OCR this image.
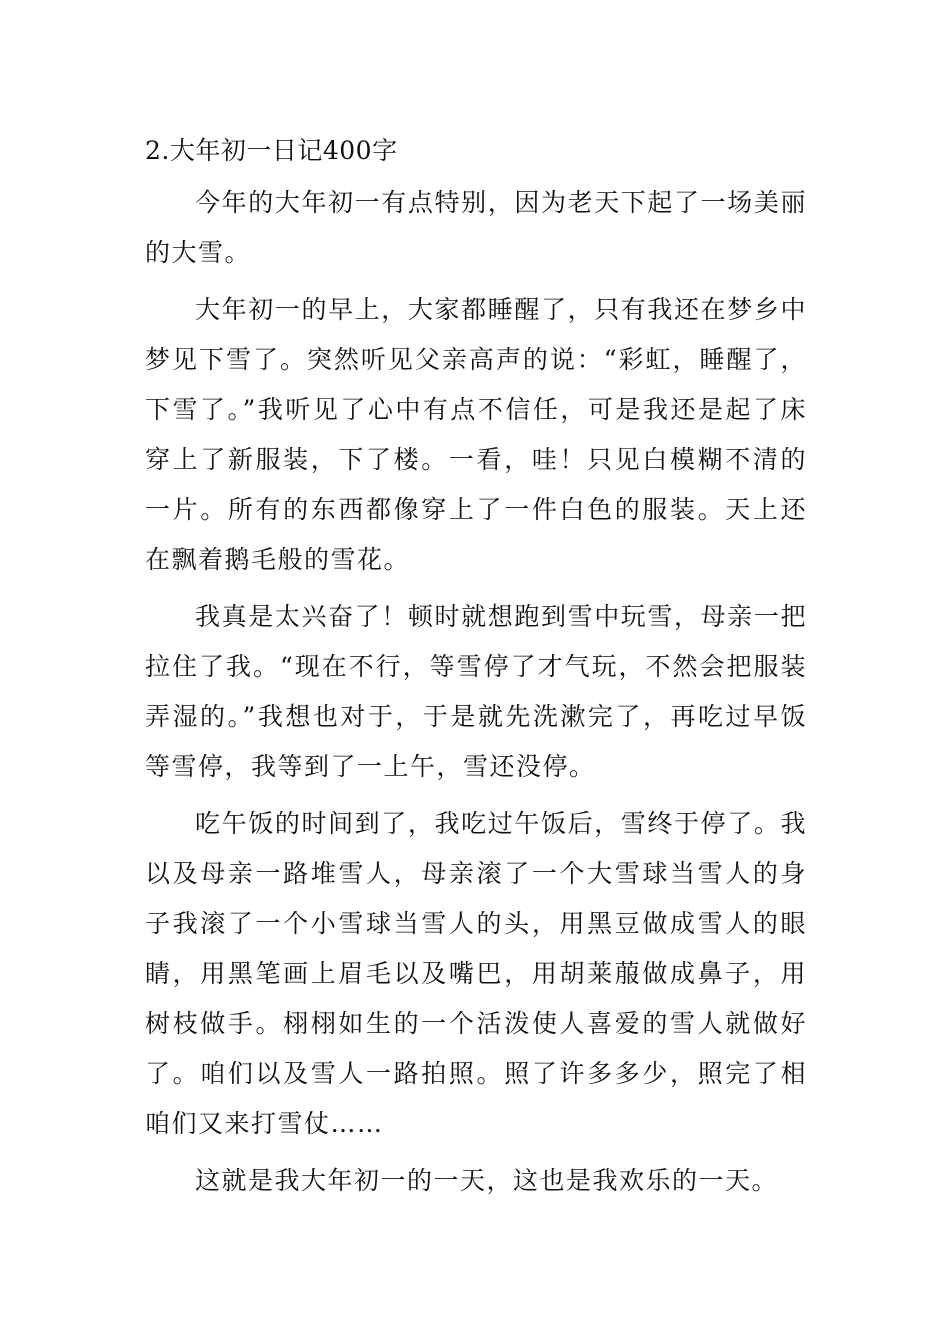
2.大年初一日记400字

今年的大年初一有点特别，因为老天下起了一场美丽的大雪。

大年初一的早上，大家都睡醒了，只有我还在梦乡中梦见下雪了。突然听见父亲高声的说：“彩虹，睡醒了，下雪了。”我听见了心中有点不信任，可是我还是起了床穿上了新服装，下了楼。一看，哇！只见白模糊不清的一片。所有的东西都像穿上了一件白色的服装。天上还在飘着鹅毛般的雪花。

我真是太兴奋了！顿时就想跑到雪中玩雪，母亲一把拉住了我。“现在不行，等雪停了才气玩，不然会把服装弄湿的。”我想也对于，于是就先洗漱完了，再吃过早饭等雪停，我等到了一上午，雪还没停。

吃午饭的时间到了，我吃过午饭后，雪终于停了。我以及母亲一路堆雪人，母亲滚了一个大雪球当雪人的身子我滚了一个小雪球当雪人的头，用黑豆做成雪人的眼睛，用黑笔画上眉毛以及嘴巴，用胡莱菔做成鼻子，用树枝做手。栩栩如生的一个活泼使人喜爱的雪人就做好了。咱们以及雪人一路拍照。照了许多多少，照完了相咱们又来打雪仗……

这就是我大年初一的一天，这也是我欢乐的一天。
